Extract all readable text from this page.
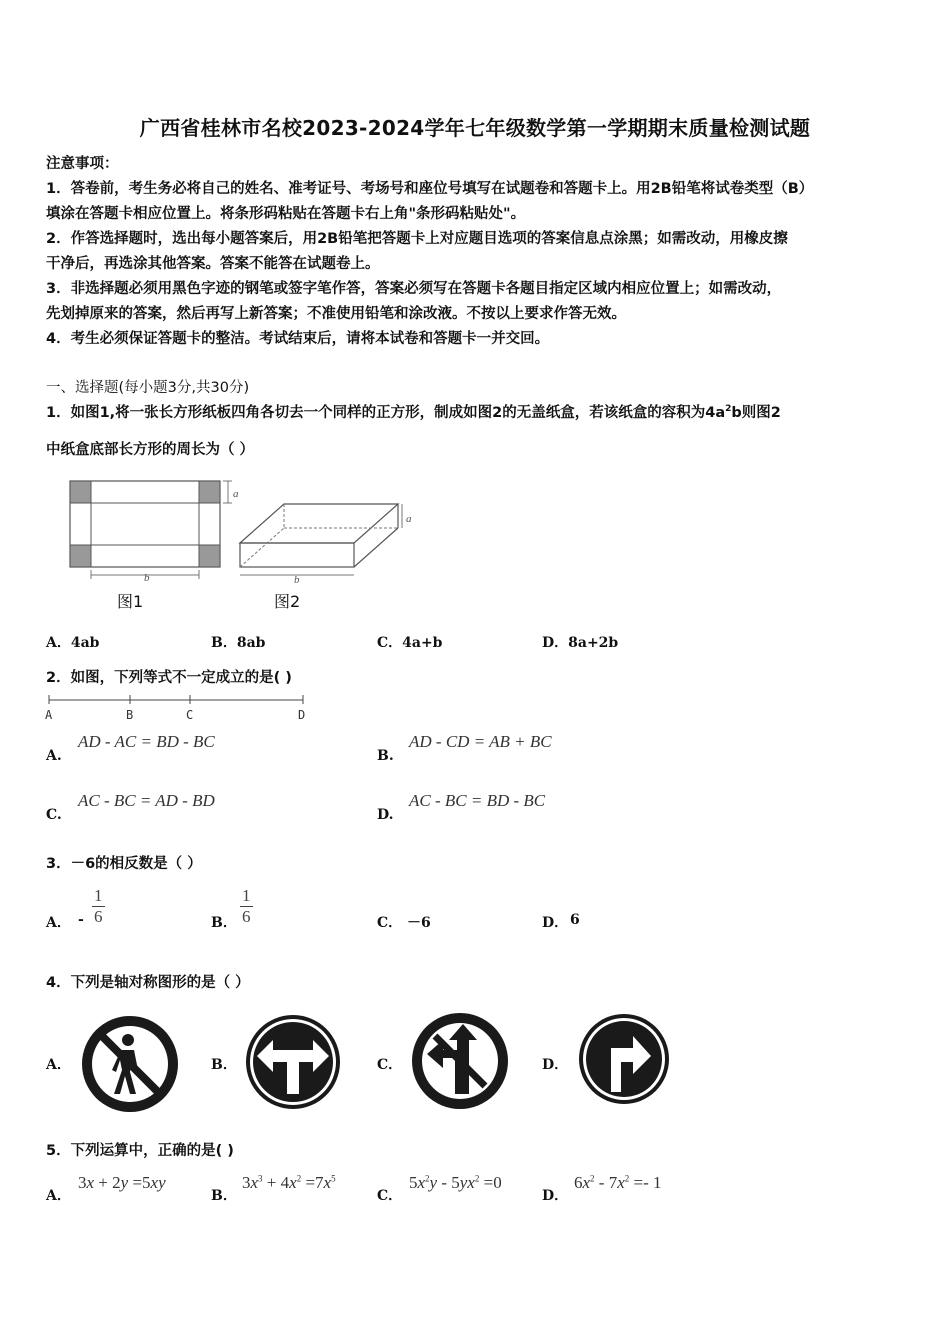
广西省桂林市名校2023-2024学年七年级数学第一学期期末质量检测试题
注意事项：
1．答卷前，考生务必将自己的姓名、准考证号、考场号和座位号填写在试题卷和答题卡上。用2B铅笔将试卷类型（B）
填涂在答题卡相应位置上。将条形码粘贴在答题卡右上角"条形码粘贴处"。
2．作答选择题时，选出每小题答案后，用2B铅笔把答题卡上对应题目选项的答案信息点涂黑；如需改动，用橡皮擦
干净后，再选涂其他答案。答案不能答在试题卷上。
3．非选择题必须用黑色字迹的钢笔或签字笔作答，答案必须写在答题卡各题目指定区域内相应位置上；如需改动，
先划掉原来的答案，然后再写上新答案；不准使用铅笔和涂改液。不按以上要求作答无效。
4．考生必须保证答题卡的整洁。考试结束后，请将本试卷和答题卡一并交回。
一、选择题(每小题3分,共30分)
1．如图1,将一张长方形纸板四角各切去一个同样的正方形，制成如图2的无盖纸盒，若该纸盒的容积为$4a^2b$则图2
中纸盒底部长方形的周长为（ ）
a
b
图1
a
b
图2
A．4ab	B．8ab	C．4a+b	D．8a+2b
2．如图，下列等式不一定成立的是( )
A	B	C	D
A.
AD - AC = BD - BC
B.
AD - CD = AB + BC
C.
AC - BC = AD - BD
D.
AC - BC = BD - BC
3．－6的相反数是（ ）
A． - $\frac{1}{6}$	B． $\frac{1}{6}$	C． －6	D． 6
4．下列是轴对称图形的是（ ）
A．	B．	C．	D．
5．下列运算中，正确的是( )
A．
3x + 2y =5xy
B．
$3x^3 + 4x^2 =7x^5$
C．
$5x^2y - 5yx^2 =0$
D．
$6x^2 - 7x^2 =- 1$
